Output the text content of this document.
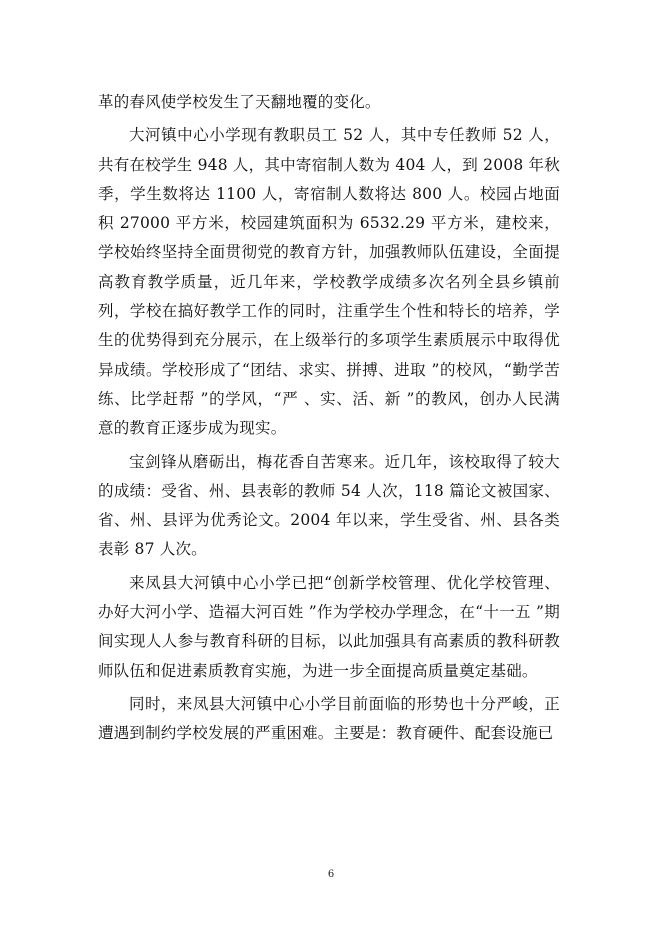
革的春风使学校发生了天翻地覆的变化。

大河镇中心小学现有教职员工 52 人，其中专任教师 52 人，共有在校学生 948 人，其中寄宿制人数为 404 人，到 2008 年秋季，学生数将达 1100 人，寄宿制人数将达 800 人。校园占地面积 27000 平方米，校园建筑面积为 6532.29 平方米，建校来，学校始终坚持全面贯彻党的教育方针，加强教师队伍建设，全面提高教育教学质量，近几年来，学校教学成绩多次名列全县乡镇前列，学校在搞好教学工作的同时，注重学生个性和特长的培养，学生的优势得到充分展示，在上级举行的多项学生素质展示中取得优异成绩。学校形成了“团结、求实、拼搏、进取 ”的校风，“勤学苦练、比学赶帮 ”的学风，“严 、实、活、新 ”的教风，创办人民满意的教育正逐步成为现实。

宝剑锋从磨砺出，梅花香自苦寒来。近几年，该校取得了较大的成绩：受省、州、县表彰的教师 54 人次，118 篇论文被国家、省、州、县评为优秀论文。2004 年以来，学生受省、州、县各类表彰 87 人次。

来凤县大河镇中心小学已把“创新学校管理、优化学校管理、办好大河小学、造福大河百姓 ”作为学校办学理念，在“十一五 ”期间实现人人参与教育科研的目标，以此加强具有高素质的教科研教师队伍和促进素质教育实施，为进一步全面提高质量奠定基础。

同时，来凤县大河镇中心小学目前面临的形势也十分严峻，正遭遇到制约学校发展的严重困难。主要是：教育硬件、配套设施已

6
